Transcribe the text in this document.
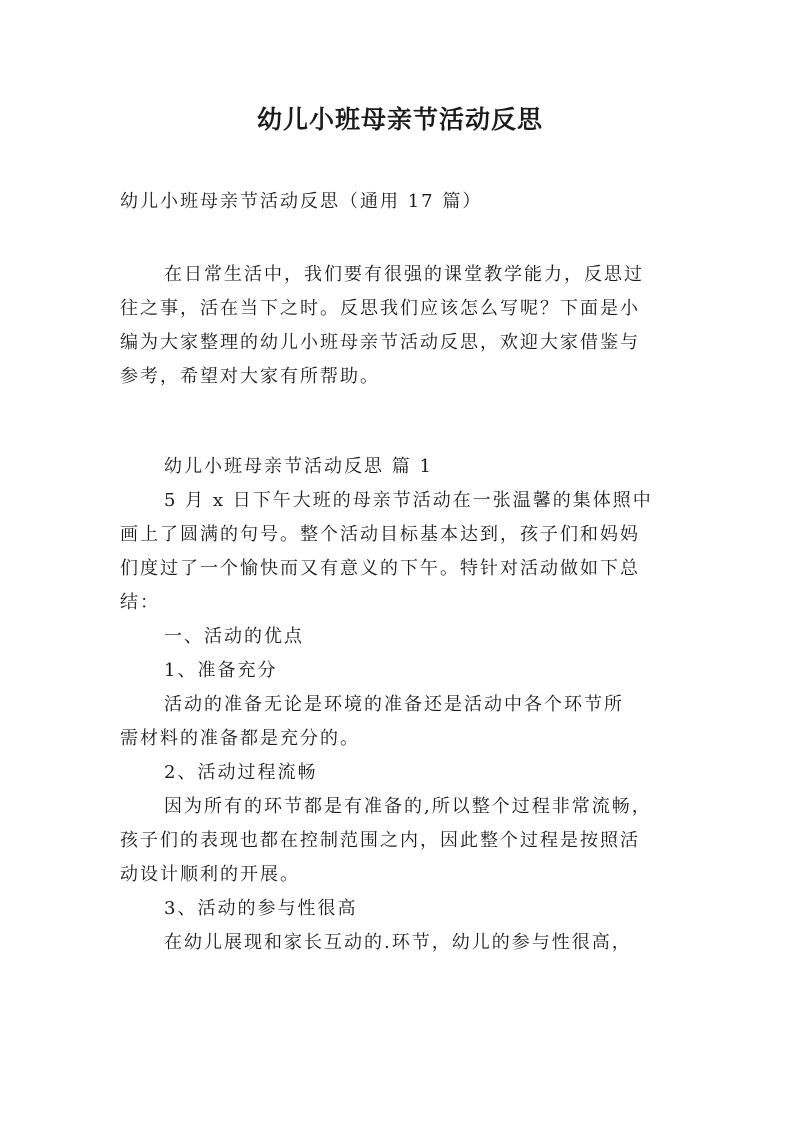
幼儿小班母亲节活动反思
幼儿小班母亲节活动反思（通用 17 篇）
在日常生活中，我们要有很强的课堂教学能力，反思过
往之事，活在当下之时。反思我们应该怎么写呢？下面是小
编为大家整理的幼儿小班母亲节活动反思，欢迎大家借鉴与
参考，希望对大家有所帮助。
幼儿小班母亲节活动反思 篇 1
5 月 x 日下午大班的母亲节活动在一张温馨的集体照中
画上了圆满的句号。整个活动目标基本达到，孩子们和妈妈
们度过了一个愉快而又有意义的下午。特针对活动做如下总
结：
一、活动的优点
1、准备充分
活动的准备无论是环境的准备还是活动中各个环节所
需材料的准备都是充分的。
2、活动过程流畅
因为所有的环节都是有准备的,所以整个过程非常流畅，
孩子们的表现也都在控制范围之内，因此整个过程是按照活
动设计顺利的开展。
3、活动的参与性很高
在幼儿展现和家长互动的.环节，幼儿的参与性很高，
